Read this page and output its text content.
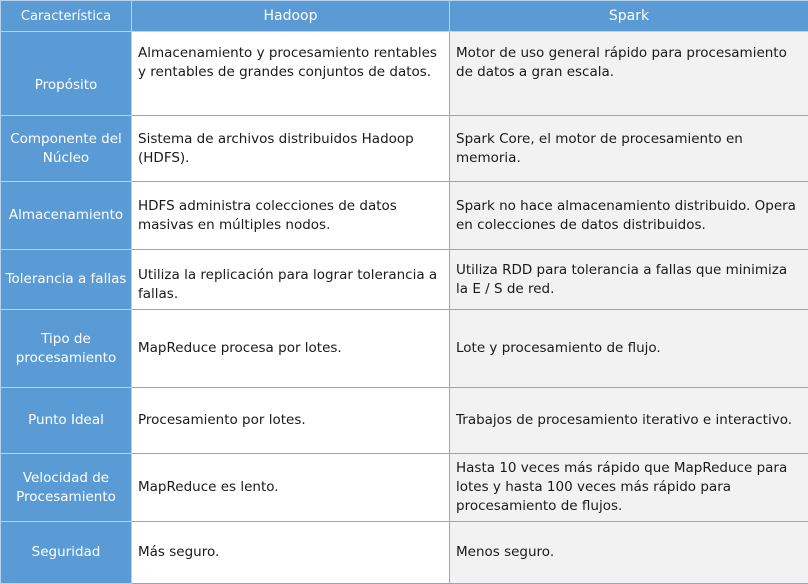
Característica	Hadoop	Spark
Propósito	Almacenamiento y procesamiento rentables y rentables de grandes conjuntos de datos.	Motor de uso general rápido para procesamiento de datos a gran escala.
Componente del Núcleo	Sistema de archivos distribuidos Hadoop (HDFS).	Spark Core, el motor de procesamiento en memoria.
Almacenamiento	HDFS administra colecciones de datos masivas en múltiples nodos.	Spark no hace almacenamiento distribuido. Opera en colecciones de datos distribuidos.
Tolerancia a fallas	Utiliza la replicación para lograr tolerancia a fallas.	Utiliza RDD para tolerancia a fallas que minimiza la E / S de red.
Tipo de procesamiento	MapReduce procesa por lotes.	Lote y procesamiento de flujo.
Punto Ideal	Procesamiento por lotes.	Trabajos de procesamiento iterativo e interactivo.
Velocidad de Procesamiento	MapReduce es lento.	Hasta 10 veces más rápido que MapReduce para lotes y hasta 100 veces más rápido para procesamiento de flujos.
Seguridad	Más seguro.	Menos seguro.
